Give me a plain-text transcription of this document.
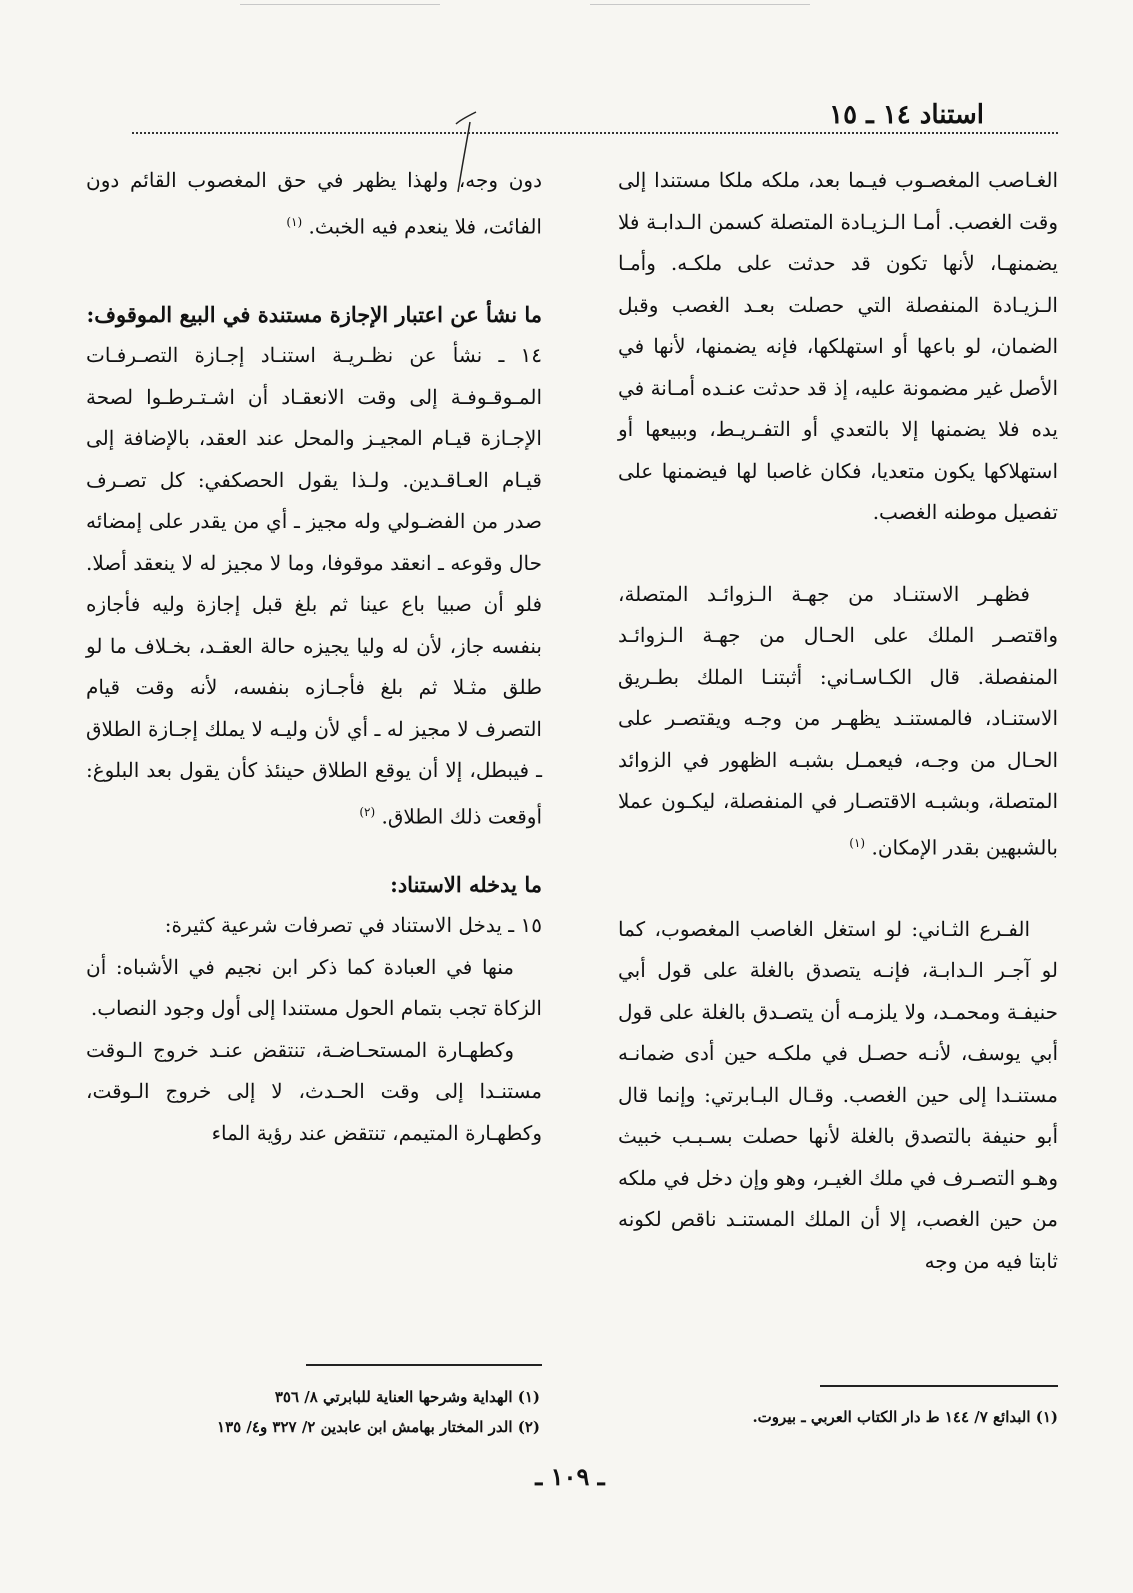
استناد ١٤ ـ ١٥

الغـاصب المغصـوب فيـما بعد، ملكه ملكا مستندا إلى وقت الغصب. أمـا الـزيـادة المتصلة كسمن الـدابـة فلا يضمنهـا، لأنها تكون قد حدثت على ملكـه. وأمـا الـزيـادة المنفصلة التي حصلت بعـد الغصب وقبل الضمان، لو باعها أو استهلكها، فإنه يضمنها، لأنها في الأصل غير مضمونة عليه، إذ قد حدثت عنـده أمـانة في يده فلا يضمنها إلا بالتعدي أو التفـريـط، وببيعها أو استهلاكها يكون متعديا، فكان غاصبا لها فيضمنها على تفصيل موطنه الغصب.

فظهـر الاستنـاد من جهـة الـزوائـد المتصلة، واقتصـر الملك على الحـال من جهـة الـزوائـد المنفصلة. قال الكـاسـاني: أثبتنـا الملك بطـريق الاستنـاد، فالمستنـد يظهـر من وجـه ويقتصـر على الحـال من وجـه، فيعمـل بشبـه الظهور في الزوائد المتصلة، وبشبـه الاقتصـار في المنفصلة، ليكـون عملا بالشبهين بقدر الإمكان. $^{(١)}$

الفـرع الثـاني: لو استغل الغاصب المغصوب، كما لو آجـر الـدابـة، فإنـه يتصدق بالغلة على قول أبي حنيفـة ومحمـد، ولا يلزمـه أن يتصـدق بالغلة على قول أبي يوسف، لأنـه حصـل في ملكـه حين أدى ضمانـه مستنـدا إلى حين الغصب. وقـال البـابرتي: وإنما قال أبو حنيفة بالتصدق بالغلة لأنها حصلت بسـبـب خبيث وهـو التصـرف في ملك الغيـر، وهو وإن دخل في ملكه من حين الغصب، إلا أن الملك المستنـد ناقص لكونه ثابتا فيه من وجه

دون وجه، ولهذا يظهر في حق المغصوب القائم دون الفائت، فلا ينعدم فيه الخبث. $^{(١)}$

ما نشأ عن اعتبار الإجازة مستندة في البيع الموقوف:

١٤ ـ نشأ عن نظـريـة استنـاد إجـازة التصـرفـات المـوقـوفـة إلى وقت الانعقـاد أن اشـتـرطـوا لصحة الإجـازة قيـام المجيـز والمحل عند العقد، بالإضافة إلى قيـام العـاقـدين. ولـذا يقول الحصكفي: كل تصـرف صدر من الفضـولي وله مجيز ـ أي من يقدر على إمضائه حال وقوعه ـ انعقد موقوفا، وما لا مجيز له لا ينعقد أصلا. فلو أن صبيا باع عينا ثم بلغ قبل إجازة وليه فأجازه بنفسه جاز، لأن له وليا يجيزه حالة العقـد، بخـلاف ما لو طلق مثـلا ثم بلغ فأجـازه بنفسه، لأنه وقت قيام التصرف لا مجيز له ـ أي لأن وليـه لا يملك إجـازة الطلاق ـ فيبطل، إلا أن يوقع الطلاق حينئذ كأن يقول بعد البلوغ: أوقعت ذلك الطلاق. $^{(٢)}$

ما يدخله الاستناد:

١٥ ـ يدخل الاستناد في تصرفات شرعية كثيرة:

منها في العبادة كما ذكر ابن نجيم في الأشباه: أن الزكاة تجب بتمام الحول مستندا إلى أول وجود النصاب.

وكطهـارة المستحـاضـة، تنتقض عنـد خروج الـوقت مستنـدا إلى وقت الحـدث، لا إلى خروج الـوقت، وكطهـارة المتيمم، تنتقض عند رؤية الماء

(١) الهداية وشرحها العناية للبابرتي ٨/ ٣٥٦

(٢) الدر المختار بهامش ابن عابدين ٢/ ٣٢٧ و٤/ ١٣٥

(١) البدائع ٧/ ١٤٤ ط دار الكتاب العربي ـ بيروت.

ـ ١٠٩ ـ
